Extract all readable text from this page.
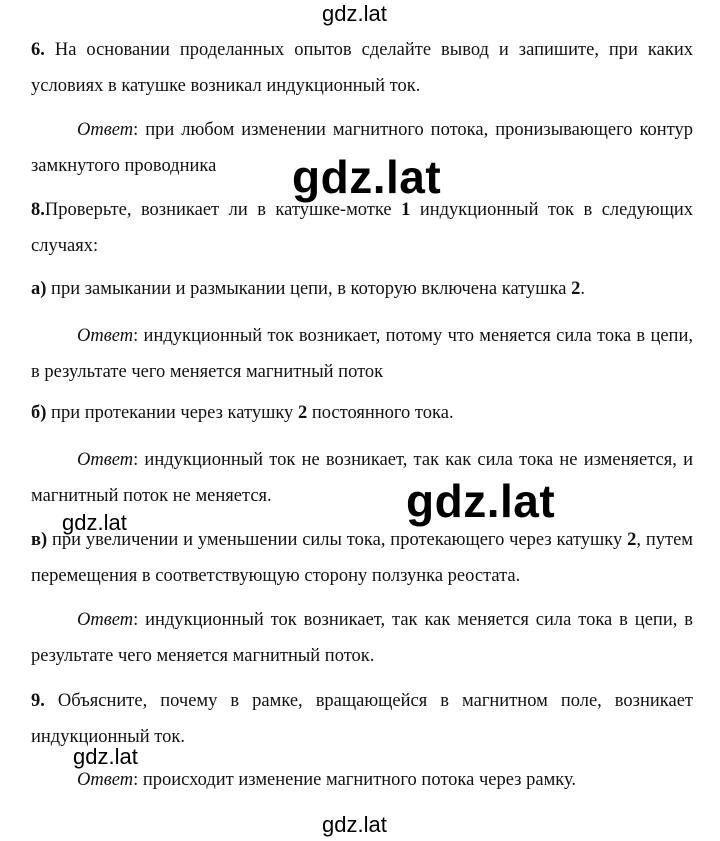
gdz.lat

6. На основании проделанных опытов сделайте вывод и запишите, при каких условиях в катушке возникал индукционный ток.

Ответ: при любом изменении магнитного потока, пронизывающего контур замкнутого проводника	gdz.lat

8.Проверьте, возникает ли в катушке-мотке 1 индукционный ток в следующих случаях:

а) при замыкании и размыкании цепи, в которую включена катушка 2.

Ответ: индукционный ток возникает, потому что меняется сила тока в цепи, в результате чего меняется магнитный поток

б) при протекании через катушку 2 постоянного тока.

Ответ: индукционный ток не возникает, так как сила тока не изменяется, и магнитный поток не меняется.	gdz.lat
gdz.lat

в) при увеличении и уменьшении силы тока, протекающего через катушку 2, путем перемещения в соответствующую сторону ползунка реостата.

Ответ: индукционный ток возникает, так как меняется сила тока в цепи, в результате чего меняется магнитный поток.

9. Объясните, почему в рамке, вращающейся в магнитном поле, возникает индукционный ток.

gdz.lat

Ответ: происходит изменение магнитного потока через рамку.

gdz.lat
